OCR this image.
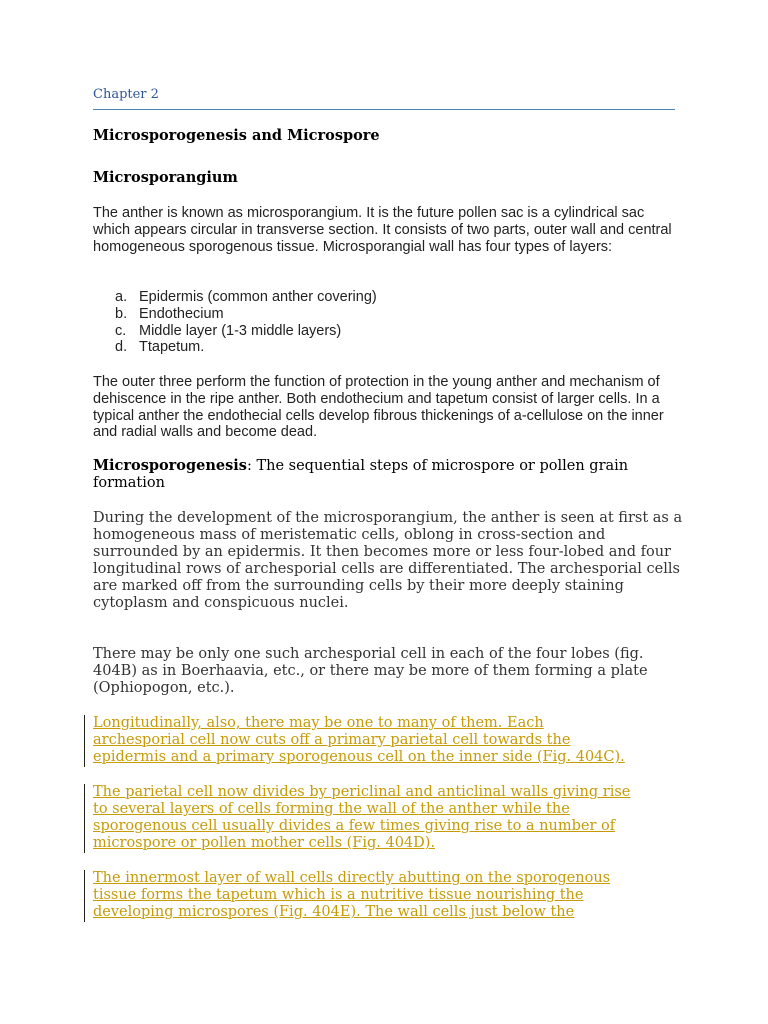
Chapter 2
Microsporogenesis and Microspore
Microsporangium
The anther is known as microsporangium. It is the future pollen sac is a cylindrical sac which appears circular in transverse section. It consists of two parts, outer wall and central homogeneous sporogenous tissue. Microsporangial wall has four types of layers:
a. Epidermis (common anther covering)
b. Endothecium
c. Middle layer (1-3 middle layers)
d. Ttapetum.
The outer three perform the function of protection in the young anther and mechanism of dehiscence in the ripe anther. Both endothecium and tapetum consist of larger cells. In a typical anther the endothecial cells develop fibrous thickenings of a-cellulose on the inner and radial walls and become dead.
Microsporogenesis: The sequential steps of microspore or pollen grain formation
During the development of the microsporangium, the anther is seen at first as a homogeneous mass of meristematic cells, oblong in cross-section and surrounded by an epidermis. It then becomes more or less four-lobed and four longitudinal rows of archesporial cells are differentiated. The archesporial cells are marked off from the surrounding cells by their more deeply staining cytoplasm and conspicuous nuclei.
There may be only one such archesporial cell in each of the four lobes (fig. 404B) as in Boerhaavia, etc., or there may be more of them forming a plate (Ophiopogon, etc.).
Longitudinally, also, there may be one to many of them. Each
archesporial cell now cuts off a primary parietal cell towards the
epidermis and a primary sporogenous cell on the inner side (Fig. 404C).
The parietal cell now divides by periclinal and anticlinal walls giving rise
to several layers of cells forming the wall of the anther while the
sporogenous cell usually divides a few times giving rise to a number of
microspore or pollen mother cells (Fig. 404D).
The innermost layer of wall cells directly abutting on the sporogenous
tissue forms the tapetum which is a nutritive tissue nourishing the
developing microspores (Fig. 404E). The wall cells just below the
